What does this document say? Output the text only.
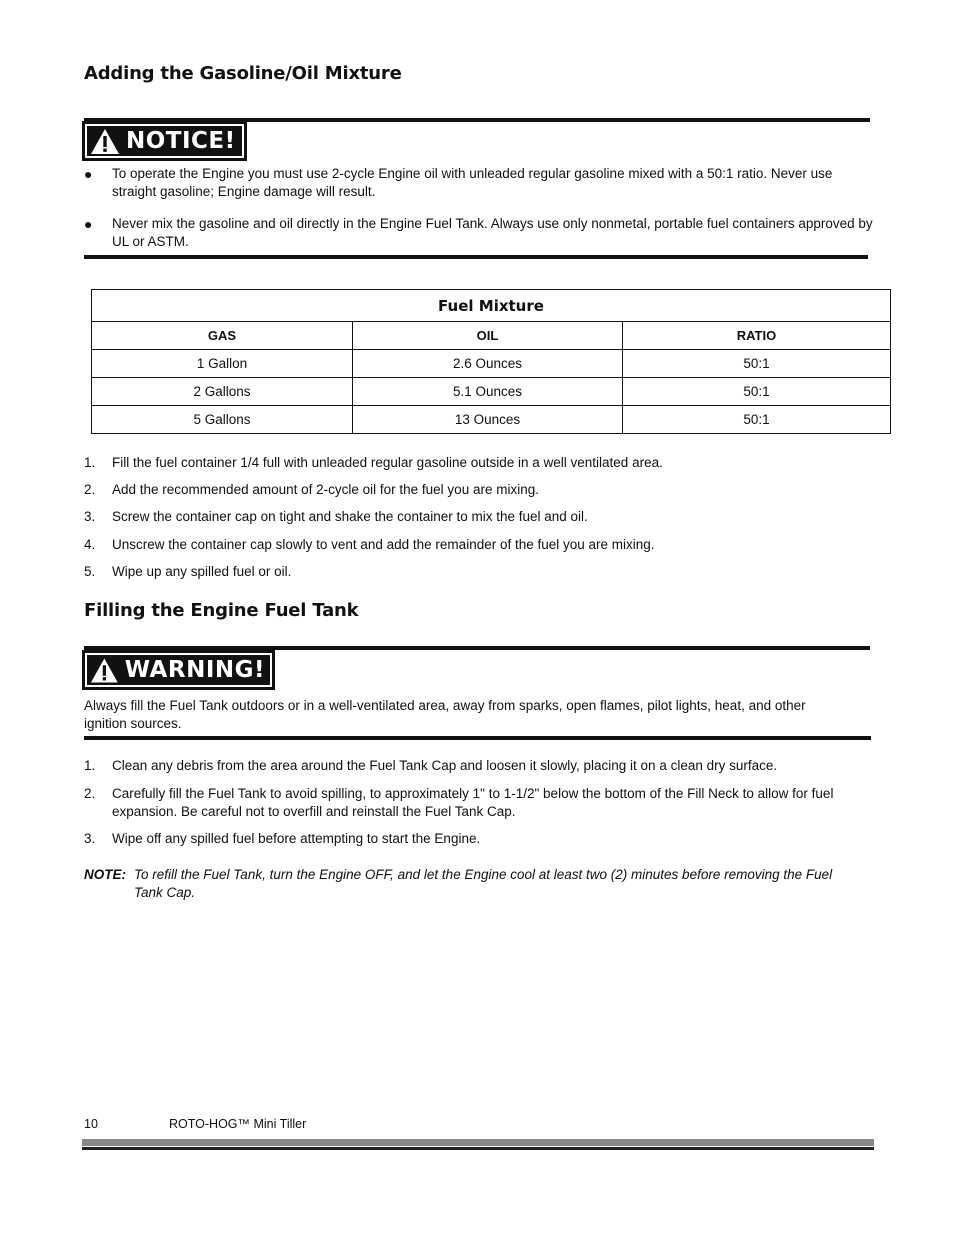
Adding the Gasoline/Oil Mixture
NOTICE!
●	To operate the Engine you must use 2-cycle Engine oil with unleaded regular gasoline mixed with a 50:1 ratio. Never use straight gasoline; Engine damage will result.
●	Never mix the gasoline and oil directly in the Engine Fuel Tank. Always use only nonmetal, portable fuel containers approved by UL or ASTM.
Fuel Mixture		
GAS	OIL	RATIO
1 Gallon	2.6 Ounces	50:1
2 Gallons	5.1 Ounces	50:1
5 Gallons	13 Ounces	50:1
1.	Fill the fuel container 1/4 full with unleaded regular gasoline outside in a well ventilated area.
2.	Add the recommended amount of 2-cycle oil for the fuel you are mixing.
3.	Screw the container cap on tight and shake the container to mix the fuel and oil.
4.	Unscrew the container cap slowly to vent and add the remainder of the fuel you are mixing.
5.	Wipe up any spilled fuel or oil.
Filling the Engine Fuel Tank
WARNING!
Always fill the Fuel Tank outdoors or in a well-ventilated area, away from sparks, open flames, pilot lights, heat, and other ignition sources.
1.	Clean any debris from the area around the Fuel Tank Cap and loosen it slowly, placing it on a clean dry surface.
2.	Carefully fill the Fuel Tank to avoid spilling, to approximately 1" to 1-1/2" below the bottom of the Fill Neck to allow for fuel expansion. Be careful not to overfill and reinstall the Fuel Tank Cap.
3.	Wipe off any spilled fuel before attempting to start the Engine.
NOTE: To refill the Fuel Tank, turn the Engine OFF, and let the Engine cool at least two (2) minutes before removing the Fuel Tank Cap.
10	ROTO-HOG™ Mini Tiller
